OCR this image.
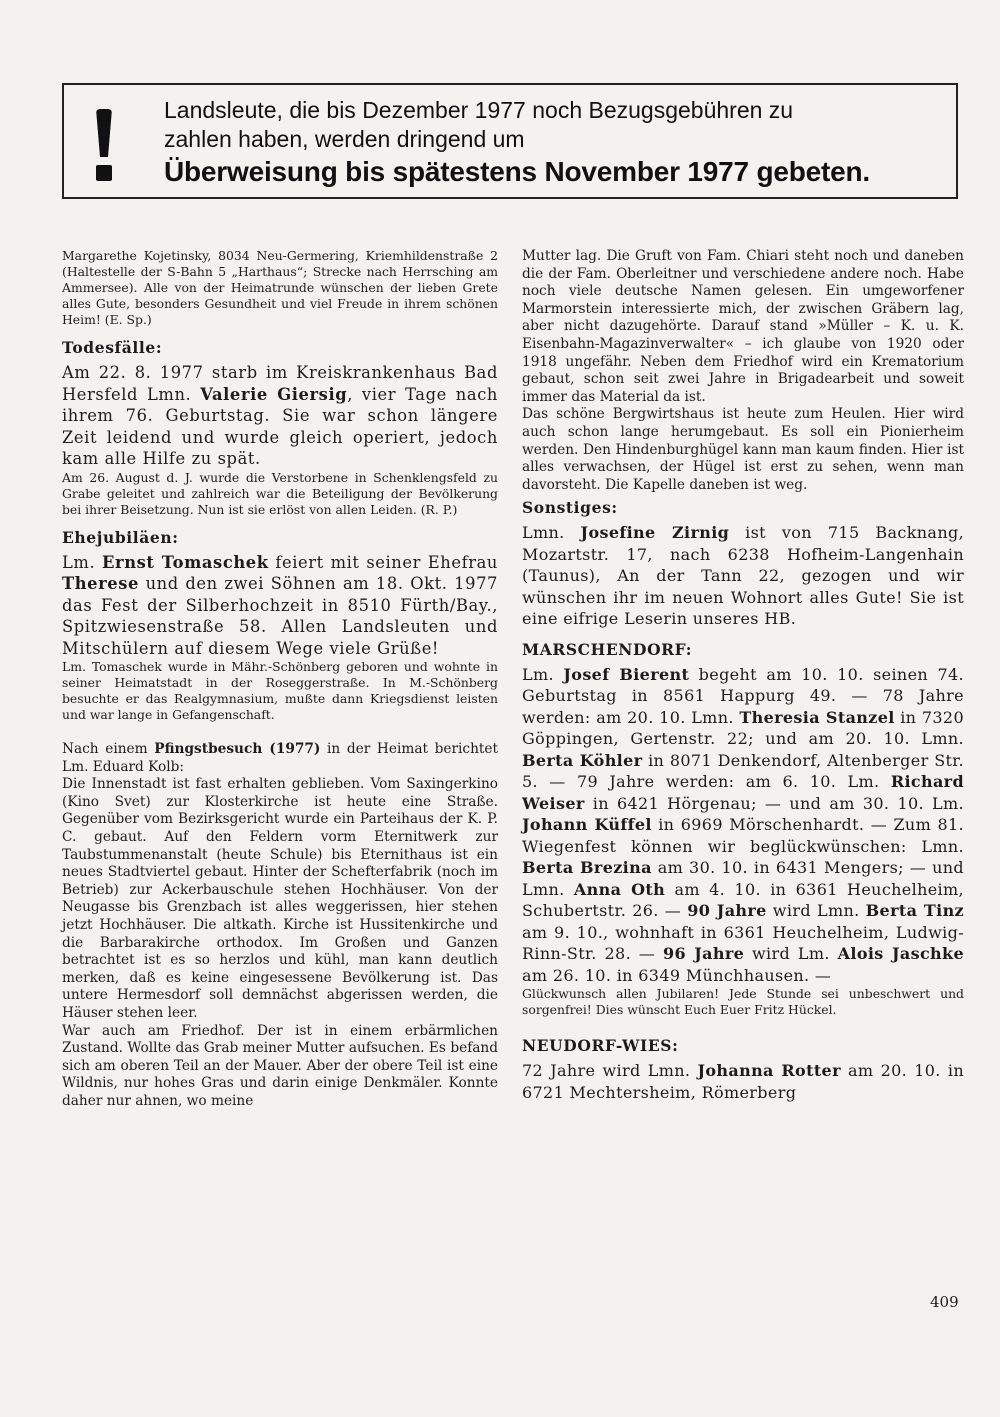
Landsleute, die bis Dezember 1977 noch Bezugsgebühren zu
zahlen haben, werden dringend um
Überweisung bis spätestens November 1977 gebeten.

Margarethe Kojetinsky, 8034 Neu-Germering, Kriemhildenstraße 2 (Haltestelle der S-Bahn 5 „Harthaus“; Strecke nach Herrsching am Ammersee). Alle von der Heimatrunde wünschen der lieben Grete alles Gute, besonders Gesundheit und viel Freude in ihrem schönen Heim! (E. Sp.)

Todesfälle:

Am 22. 8. 1977 starb im Kreiskrankenhaus Bad Hersfeld Lmn. Valerie Giersig, vier Tage nach ihrem 76. Geburtstag. Sie war schon längere Zeit leidend und wurde gleich operiert, jedoch kam alle Hilfe zu spät.

Am 26. August d. J. wurde die Verstorbene in Schenklengsfeld zu Grabe geleitet und zahlreich war die Beteiligung der Bevölkerung bei ihrer Beisetzung. Nun ist sie erlöst von allen Leiden. (R. P.)

Ehejubiläen:

Lm. Ernst Tomaschek feiert mit seiner Ehefrau Therese und den zwei Söhnen am 18. Okt. 1977 das Fest der Silberhochzeit in 8510 Fürth/Bay., Spitzwiesenstraße 58. Allen Landsleuten und Mitschülern auf diesem Wege viele Grüße!

Lm. Tomaschek wurde in Mähr.-Schönberg geboren und wohnte in seiner Heimatstadt in der Roseggerstraße. In M.-Schönberg besuchte er das Realgymnasium, mußte dann Kriegsdienst leisten und war lange in Gefangenschaft.

Nach einem Pfingstbesuch (1977) in der Heimat berichtet Lm. Eduard Kolb:

Die Innenstadt ist fast erhalten geblieben. Vom Saxingerkino (Kino Svet) zur Klosterkirche ist heute eine Straße. Gegenüber vom Bezirksgericht wurde ein Parteihaus der K. P. C. gebaut. Auf den Feldern vorm Eternitwerk zur Taubstummenanstalt (heute Schule) bis Eternithaus ist ein neues Stadtviertel gebaut. Hinter der Schefterfabrik (noch im Betrieb) zur Ackerbauschule stehen Hochhäuser. Von der Neugasse bis Grenzbach ist alles weggerissen, hier stehen jetzt Hochhäuser. Die altkath. Kirche ist Hussitenkirche und die Barbarakirche orthodox. Im Großen und Ganzen betrachtet ist es so herzlos und kühl, man kann deutlich merken, daß es keine eingesessene Bevölkerung ist. Das untere Hermesdorf soll demnächst abgerissen werden, die Häuser stehen leer.

War auch am Friedhof. Der ist in einem erbärmlichen Zustand. Wollte das Grab meiner Mutter aufsuchen. Es befand sich am oberen Teil an der Mauer. Aber der obere Teil ist eine Wildnis, nur hohes Gras und darin einige Denkmäler. Konnte daher nur ahnen, wo meine

Mutter lag. Die Gruft von Fam. Chiari steht noch und daneben die der Fam. Oberleitner und verschiedene andere noch. Habe noch viele deutsche Namen gelesen. Ein umgeworfener Marmorstein interessierte mich, der zwischen Gräbern lag, aber nicht dazugehörte. Darauf stand »Müller – K. u. K. Eisenbahn-Magazinverwalter« – ich glaube von 1920 oder 1918 ungefähr. Neben dem Friedhof wird ein Krematorium gebaut, schon seit zwei Jahre in Brigadearbeit und soweit immer das Material da ist.

Das schöne Bergwirtshaus ist heute zum Heulen. Hier wird auch schon lange herumgebaut. Es soll ein Pionierheim werden. Den Hindenburghügel kann man kaum finden. Hier ist alles verwachsen, der Hügel ist erst zu sehen, wenn man davorsteht. Die Kapelle daneben ist weg.

Sonstiges:

Lmn. Josefine Zirnig ist von 715 Backnang, Mozartstr. 17, nach 6238 Hofheim-Langenhain (Taunus), An der Tann 22, gezogen und wir wünschen ihr im neuen Wohnort alles Gute! Sie ist eine eifrige Leserin unseres HB.

MARSCHENDORF:

Lm. Josef Bierent begeht am 10. 10. seinen 74. Geburtstag in 8561 Happurg 49. — 78 Jahre werden: am 20. 10. Lmn. Theresia Stanzel in 7320 Göppingen, Gertenstr. 22; und am 20. 10. Lmn. Berta Köhler in 8071 Denkendorf, Altenberger Str. 5. — 79 Jahre werden: am 6. 10. Lm. Richard Weiser in 6421 Hörgenau; — und am 30. 10. Lm. Johann Küffel in 6969 Mörschenhardt. — Zum 81. Wiegenfest können wir beglückwünschen: Lmn. Berta Brezina am 30. 10. in 6431 Mengers; — und Lmn. Anna Oth am 4. 10. in 6361 Heuchelheim, Schubertstr. 26. — 90 Jahre wird Lmn. Berta Tinz am 9. 10., wohnhaft in 6361 Heuchelheim, Ludwig-Rinn-Str. 28. — 96 Jahre wird Lm. Alois Jaschke am 26. 10. in 6349 Münchhausen. —

Glückwunsch allen Jubilaren! Jede Stunde sei unbeschwert und sorgenfrei! Dies wünscht Euch Euer Fritz Hückel.

NEUDORF-WIES:

72 Jahre wird Lmn. Johanna Rotter am 20. 10. in 6721 Mechtersheim, Römerberg

409
